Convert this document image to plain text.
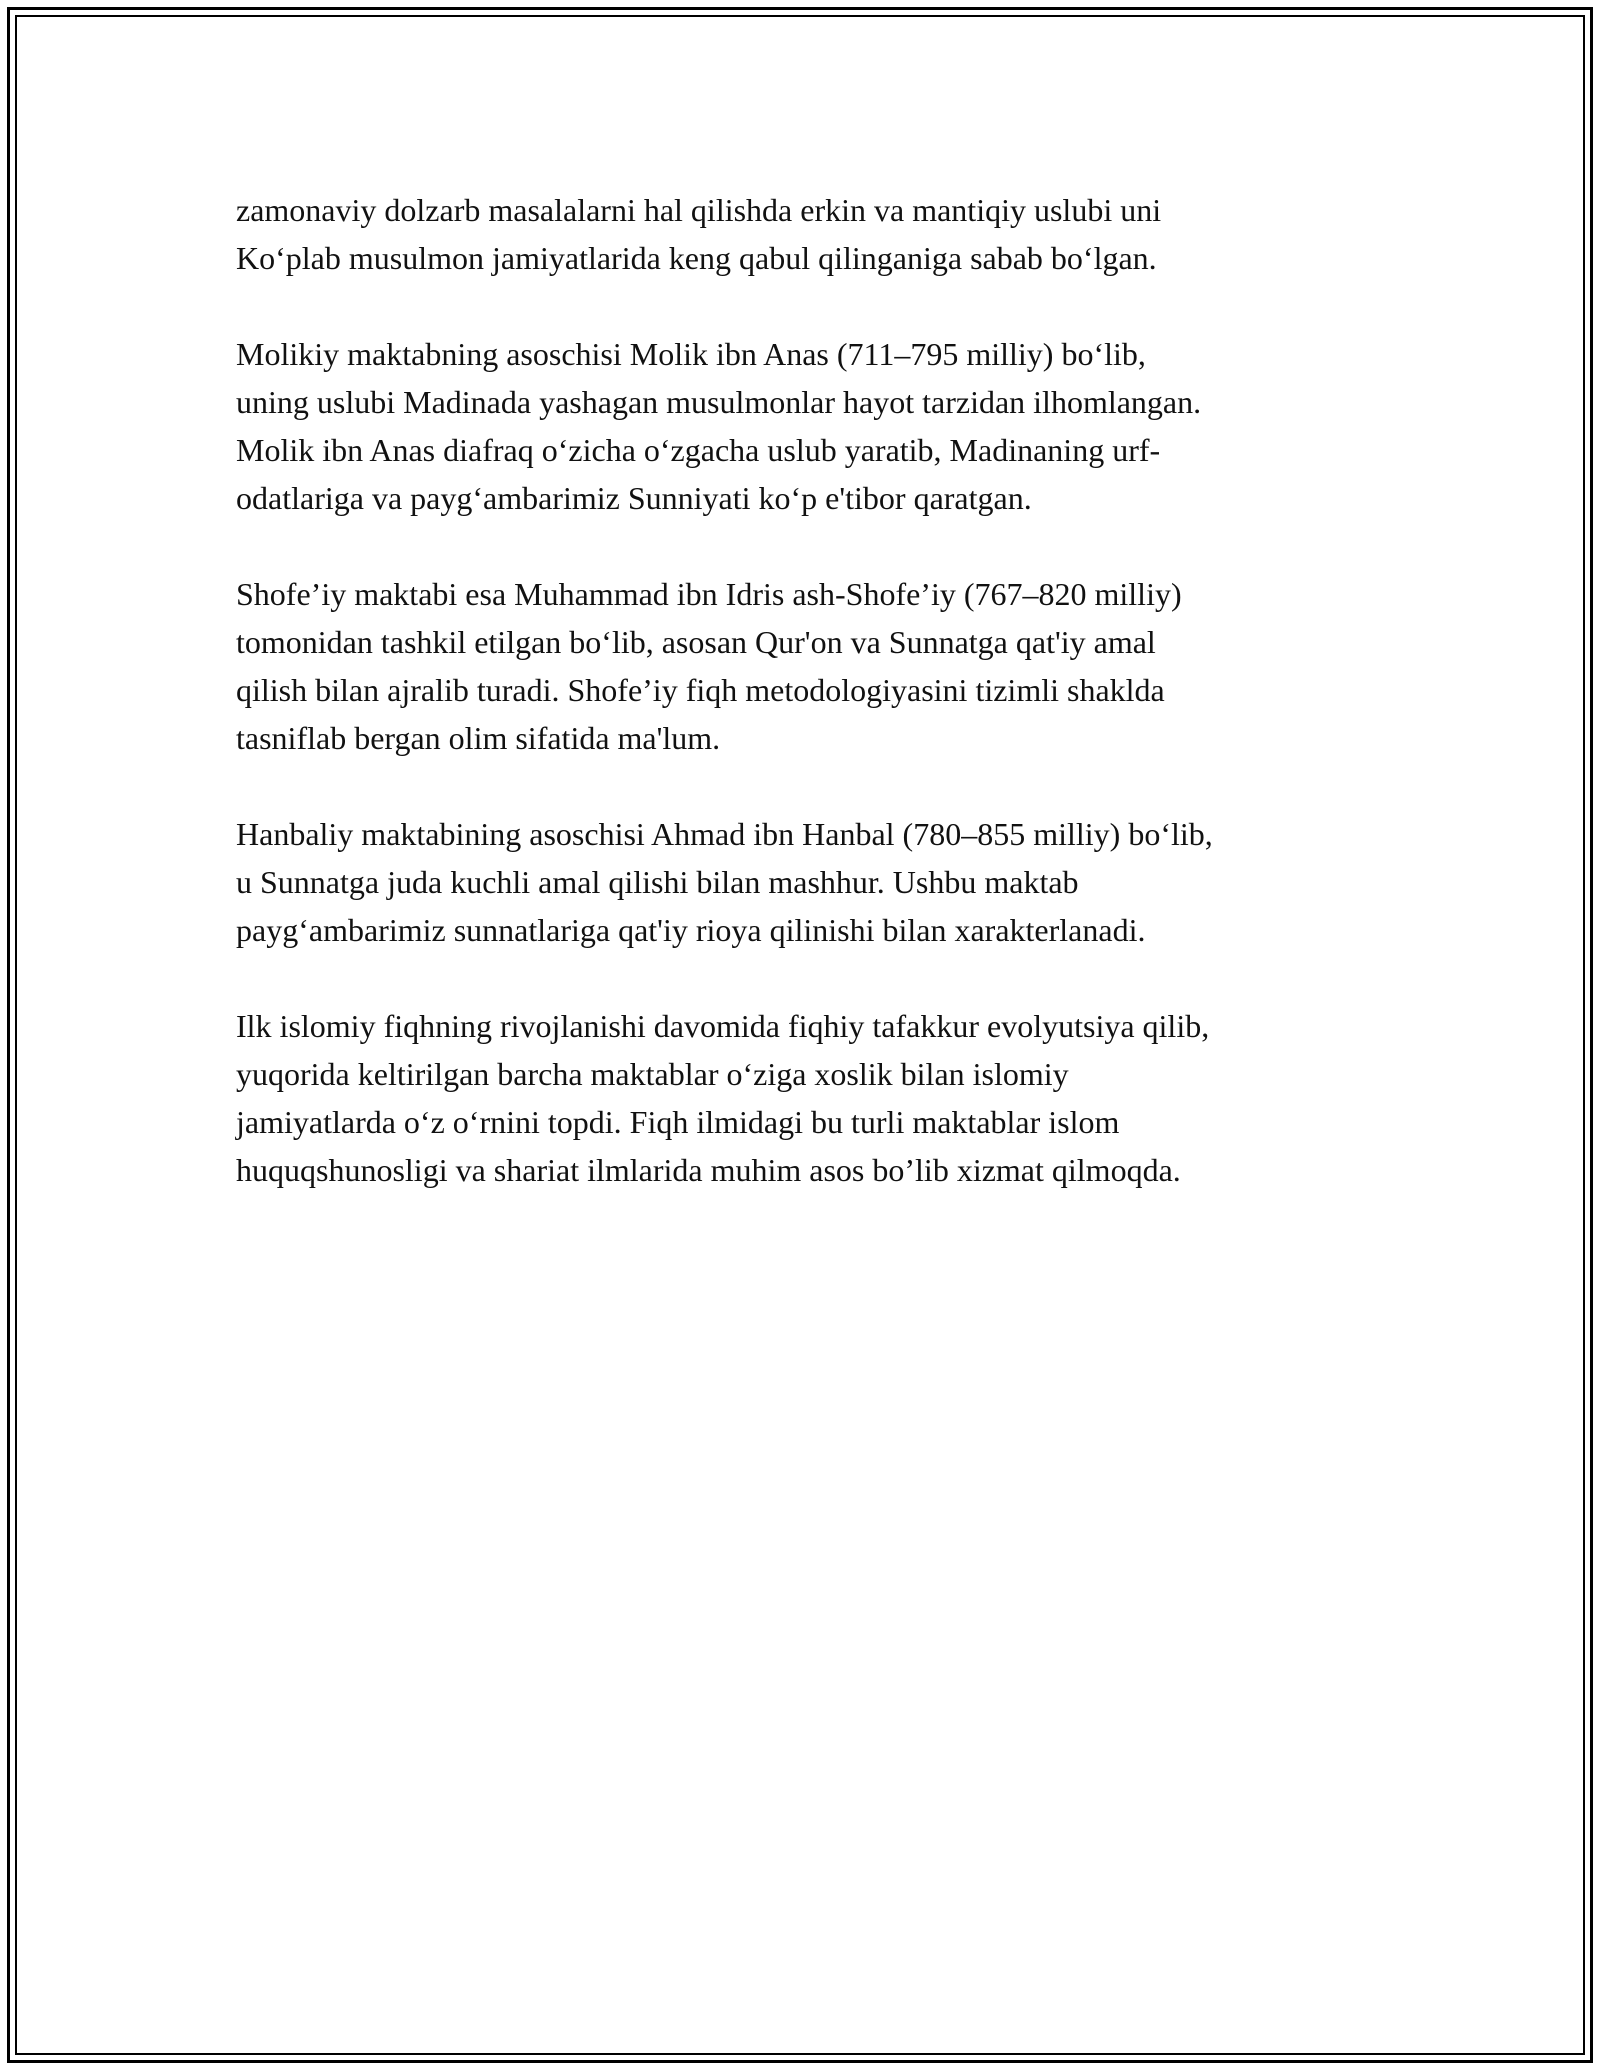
zamonaviy dolzarb masalalarni hal qilishda erkin va mantiqiy uslubi uni
Ko‘plab musulmon jamiyatlarida keng qabul qilinganiga sabab bo‘lgan.

Molikiy maktabning asoschisi Molik ibn Anas (711–795 milliy) bo‘lib,
uning uslubi Madinada yashagan musulmonlar hayot tarzidan ilhomlangan.
Molik ibn Anas diafraq o‘zicha o‘zgacha uslub yaratib, Madinaning urf-
odatlariga va payg‘ambarimiz Sunniyati ko‘p e'tibor qaratgan.

Shofe’iy maktabi esa Muhammad ibn Idris ash-Shofe’iy (767–820 milliy)
tomonidan tashkil etilgan bo‘lib, asosan Qur'on va Sunnatga qat'iy amal
qilish bilan ajralib turadi. Shofe’iy fiqh metodologiyasini tizimli shaklda
tasniflab bergan olim sifatida ma'lum.

Hanbaliy maktabining asoschisi Ahmad ibn Hanbal (780–855 milliy) bo‘lib,
u Sunnatga juda kuchli amal qilishi bilan mashhur. Ushbu maktab
payg‘ambarimiz sunnatlariga qat'iy rioya qilinishi bilan xarakterlanadi.

Ilk islomiy fiqhning rivojlanishi davomida fiqhiy tafakkur evolyutsiya qilib,
yuqorida keltirilgan barcha maktablar o‘ziga xoslik bilan islomiy
jamiyatlarda o‘z o‘rnini topdi. Fiqh ilmidagi bu turli maktablar islom
huquqshunosligi va shariat ilmlarida muhim asos bo’lib xizmat qilmoqda.
